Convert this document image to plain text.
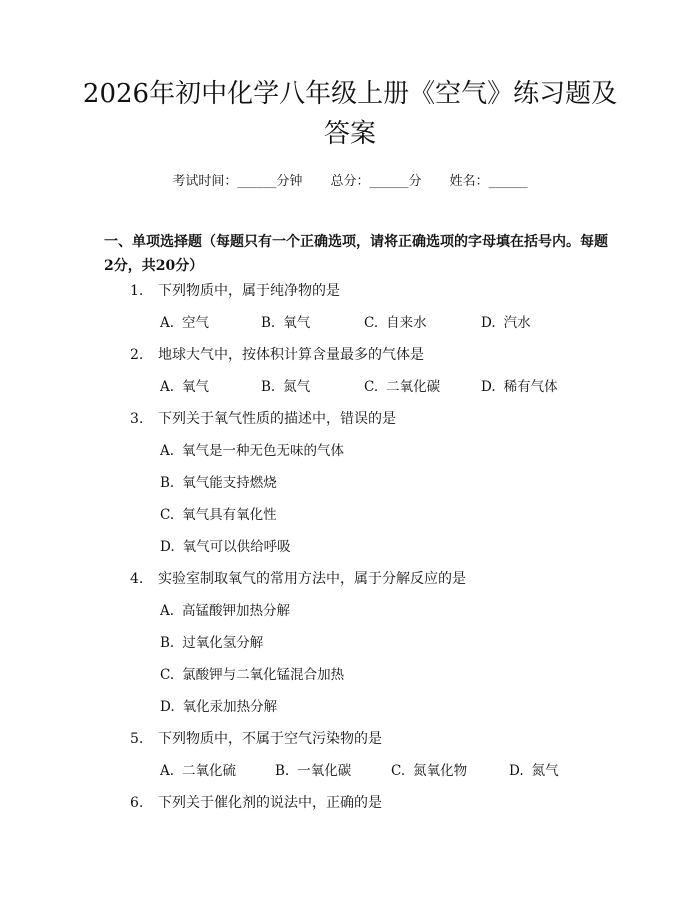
2026年初中化学八年级上册《空气》练习题及答案
考试时间：______分钟 总分：______分 姓名：______
一、单项选择题（每题只有一个正确选项，请将正确选项的字母填在括号内。每题2分，共20分）
1. 下列物质中，属于纯净物的是
A. 空气	B. 氧气	C. 自来水	D. 汽水
2. 地球大气中，按体积计算含量最多的气体是
A. 氧气	B. 氮气	C. 二氧化碳	D. 稀有气体
3. 下列关于氧气性质的描述中，错误的是
A. 氧气是一种无色无味的气体
B. 氧气能支持燃烧
C. 氧气具有氧化性
D. 氧气可以供给呼吸
4. 实验室制取氧气的常用方法中，属于分解反应的是
A. 高锰酸钾加热分解
B. 过氧化氢分解
C. 氯酸钾与二氧化锰混合加热
D. 氧化汞加热分解
5. 下列物质中，不属于空气污染物的是
A. 二氧化硫	B. 一氧化碳	C. 氮氧化物	D. 氮气
6. 下列关于催化剂的说法中，正确的是
